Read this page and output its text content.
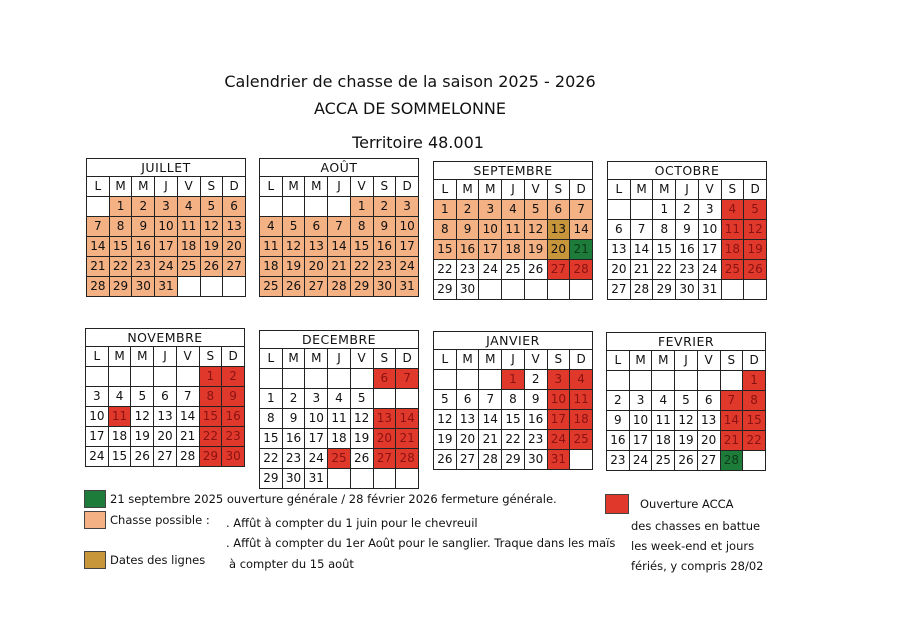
Calendrier de chasse de la saison 2025 - 2026
ACCA DE SOMMELONNE
Territoire 48.001
JUILLET
L	M	M	J	V	S	D
	1	2	3	4	5	6
7	8	9	10	11	12	13
14	15	16	17	18	19	20
21	22	23	24	25	26	27
28	29	30	31			
AOÛT
L	M	M	J	V	S	D
				1	2	3
4	5	6	7	8	9	10
11	12	13	14	15	16	17
18	19	20	21	22	23	24
25	26	27	28	29	30	31
SEPTEMBRE
L	M	M	J	V	S	D
1	2	3	4	5	6	7
8	9	10	11	12	13	14
15	16	17	18	19	20	21
22	23	24	25	26	27	28
29	30					
OCTOBRE
L	M	M	J	V	S	D
		1	2	3	4	5
6	7	8	9	10	11	12
13	14	15	16	17	18	19
20	21	22	23	24	25	26
27	28	29	30	31		
NOVEMBRE
L	M	M	J	V	S	D
					1	2
3	4	5	6	7	8	9
10	11	12	13	14	15	16
17	18	19	20	21	22	23
24	15	26	27	28	29	30
DECEMBRE
L	M	M	J	V	S	D
					6	7
1	2	3	4	5		
8	9	10	11	12	13	14
15	16	17	18	19	20	21
22	23	24	25	26	27	28
29	30	31				
JANVIER
L	M	M	J	V	S	D
			1	2	3	4
5	6	7	8	9	10	11
12	13	14	15	16	17	18
19	20	21	22	23	24	25
26	27	28	29	30	31	
FEVRIER
L	M	M	J	V	S	D
						1
2	3	4	5	6	7	8
9	10	11	12	13	14	15
16	17	18	19	20	21	22
23	24	25	26	27	28	
21 septembre 2025 ouverture générale / 28 février 2026 fermeture générale.
Chasse possible : . Affût à compter du 1 juin pour le chevreuil
. Affût à compter du 1er Août pour le sanglier. Traque dans les maïs
à compter du 15 août
Dates des lignes
Ouverture ACCA
des chasses en battue
les week-end et jours
fériés, y compris 28/02
